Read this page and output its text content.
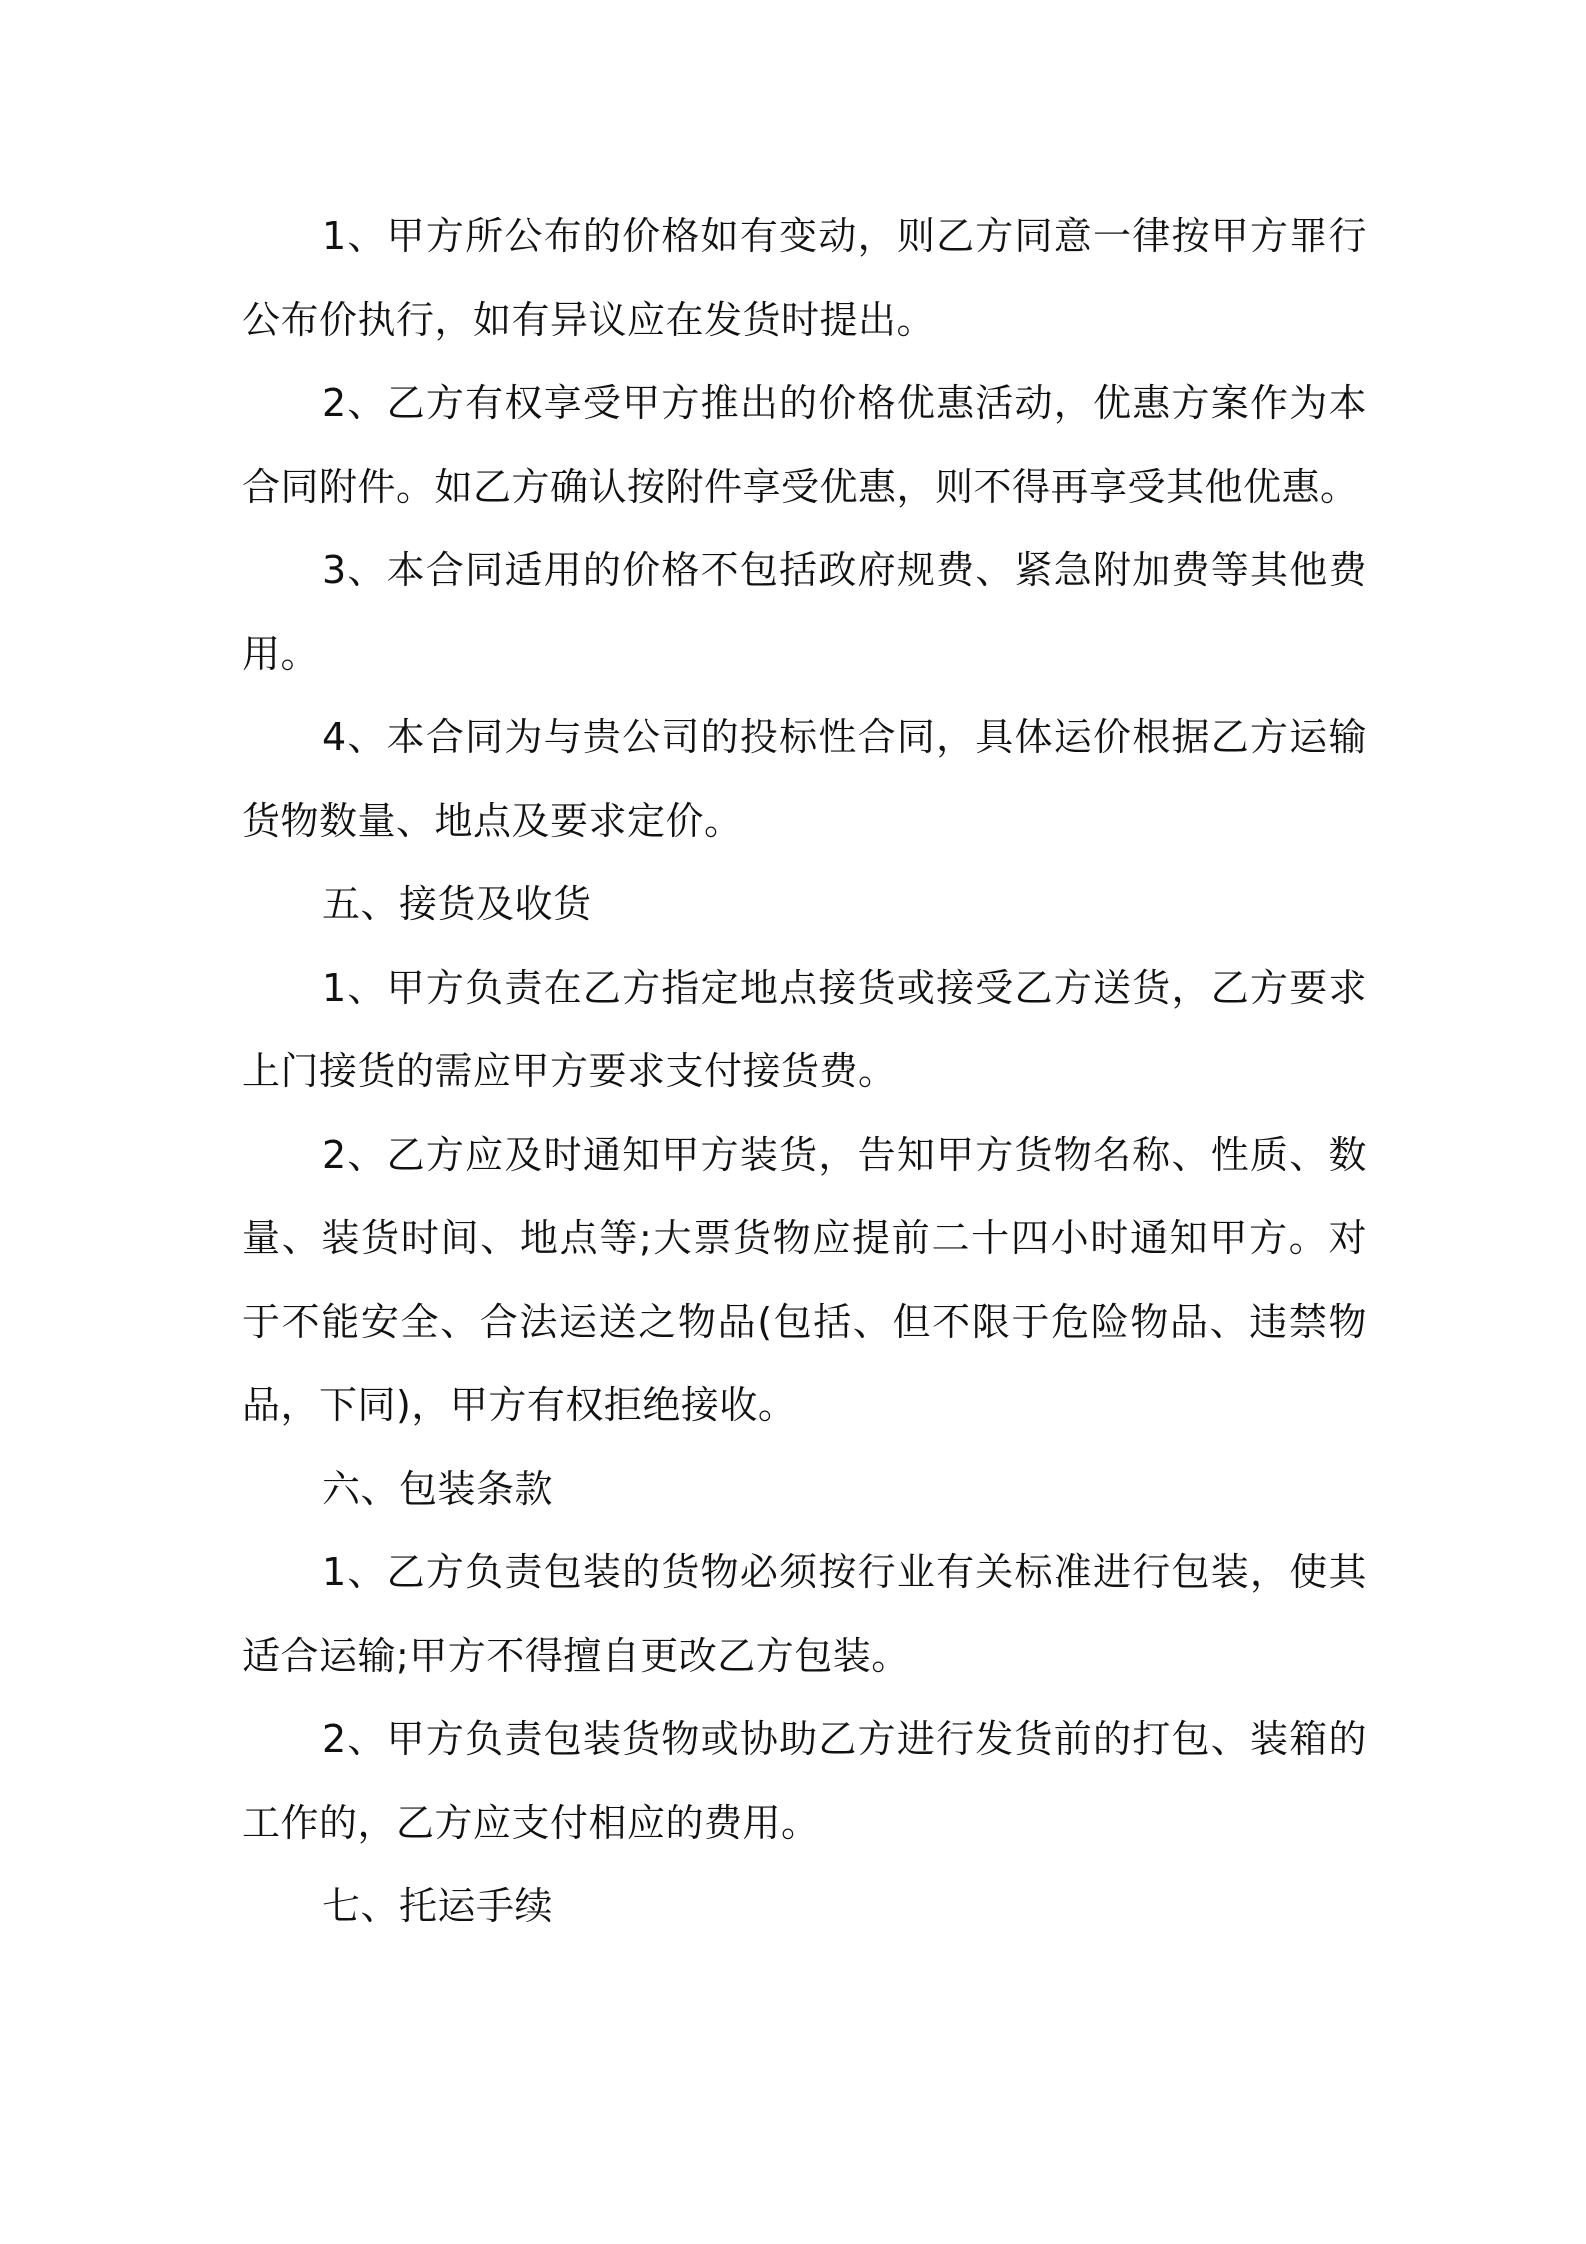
1、甲方所公布的价格如有变动，则乙方同意一律按甲方罪行公布价执行，如有异议应在发货时提出。

2、乙方有权享受甲方推出的价格优惠活动，优惠方案作为本合同附件。如乙方确认按附件享受优惠，则不得再享受其他优惠。

3、本合同适用的价格不包括政府规费、紧急附加费等其他费用。

4、本合同为与贵公司的投标性合同，具体运价根据乙方运输货物数量、地点及要求定价。

五、接货及收货

1、甲方负责在乙方指定地点接货或接受乙方送货，乙方要求上门接货的需应甲方要求支付接货费。

2、乙方应及时通知甲方装货，告知甲方货物名称、性质、数量、装货时间、地点等;大票货物应提前二十四小时通知甲方。对于不能安全、合法运送之物品(包括、但不限于危险物品、违禁物品，下同)，甲方有权拒绝接收。

六、包装条款

1、乙方负责包装的货物必须按行业有关标准进行包装，使其适合运输;甲方不得擅自更改乙方包装。

2、甲方负责包装货物或协助乙方进行发货前的打包、装箱的工作的，乙方应支付相应的费用。

七、托运手续
